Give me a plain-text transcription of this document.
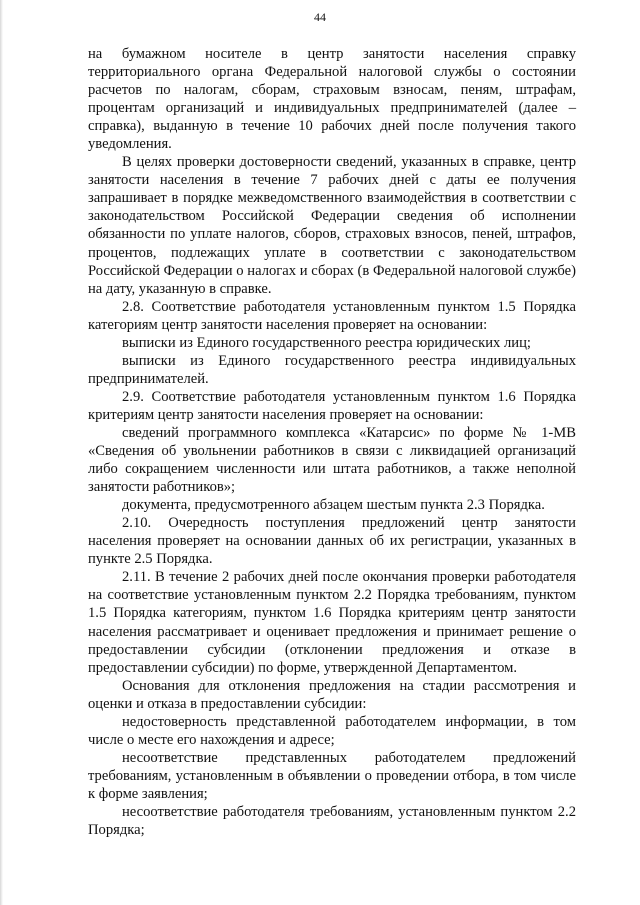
44

на бумажном носителе в центр занятости населения справку территориального органа Федеральной налоговой службы о состоянии расчетов по налогам, сборам, страховым взносам, пеням, штрафам, процентам организаций и индивидуальных предпринимателей (далее – справка), выданную в течение 10 рабочих дней после получения такого уведомления.

В целях проверки достоверности сведений, указанных в справке, центр занятости населения в течение 7 рабочих дней с даты ее получения запрашивает в порядке межведомственного взаимодействия в соответствии с законодательством Российской Федерации сведения об исполнении обязанности по уплате налогов, сборов, страховых взносов, пеней, штрафов, процентов, подлежащих уплате в соответствии с законодательством Российской Федерации о налогах и сборах (в Федеральной налоговой службе) на дату, указанную в справке.

2.8. Соответствие работодателя установленным пунктом 1.5 Порядка категориям центр занятости населения проверяет на основании:

выписки из Единого государственного реестра юридических лиц;

выписки из Единого государственного реестра индивидуальных предпринимателей.

2.9. Соответствие работодателя установленным пунктом 1.6 Порядка критериям центр занятости населения проверяет на основании:

сведений программного комплекса «Катарсис» по форме № 1-МВ «Сведения об увольнении работников в связи с ликвидацией организаций либо сокращением численности или штата работников, а также неполной занятости работников»;

документа, предусмотренного абзацем шестым пункта 2.3 Порядка.

2.10. Очередность поступления предложений центр занятости населения проверяет на основании данных об их регистрации, указанных в пункте 2.5 Порядка.

2.11. В течение 2 рабочих дней после окончания проверки работодателя на соответствие установленным пунктом 2.2 Порядка требованиям, пунктом 1.5 Порядка категориям, пунктом 1.6 Порядка критериям центр занятости населения рассматривает и оценивает предложения и принимает решение о предоставлении субсидии (отклонении предложения и отказе в предоставлении субсидии) по форме, утвержденной Департаментом.

Основания для отклонения предложения на стадии рассмотрения и оценки и отказа в предоставлении субсидии:

недостоверность представленной работодателем информации, в том числе о месте его нахождения и адресе;

несоответствие представленных работодателем предложений требованиям, установленным в объявлении о проведении отбора, в том числе к форме заявления;

несоответствие работодателя требованиям, установленным пунктом 2.2 Порядка;
